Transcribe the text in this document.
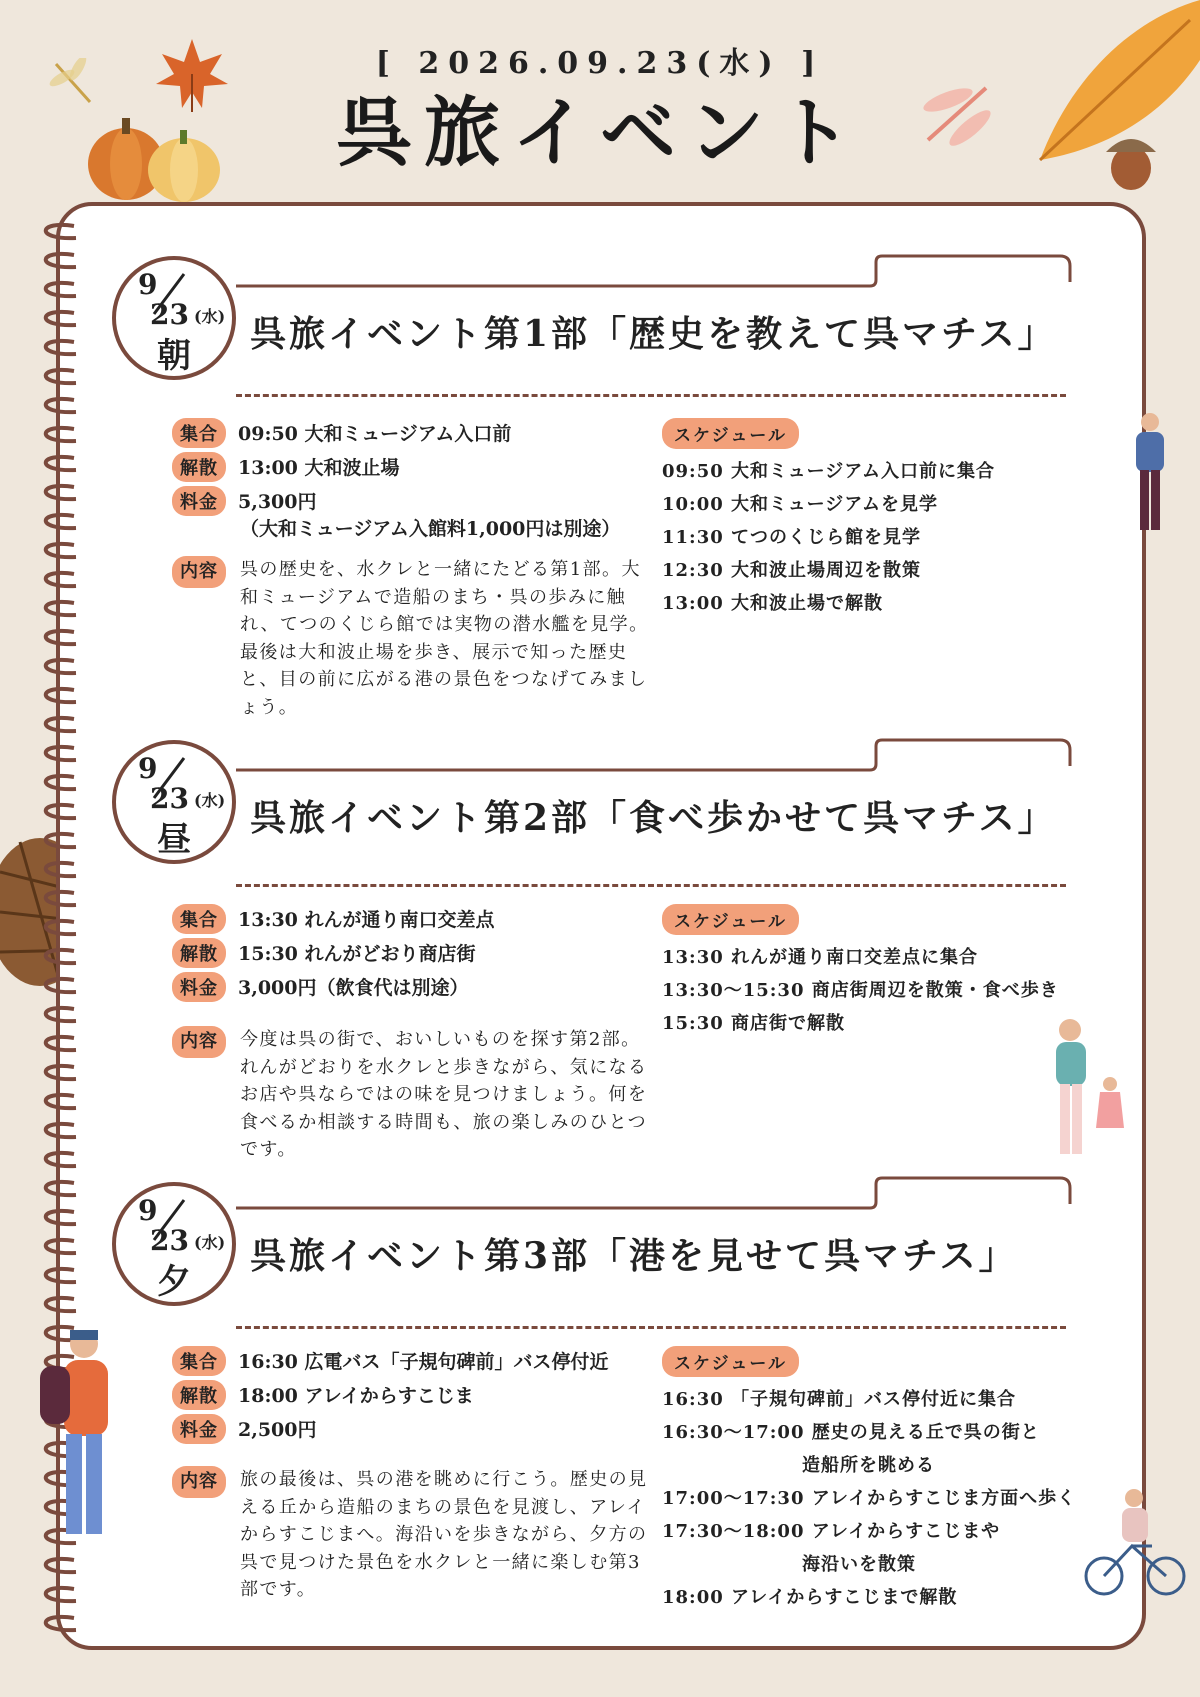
[ 2026.09.23(水) ]
呉旅イベント
9
23 (水)
朝
呉旅イベント第1部「歴史を教えて呉マチス」
集合 09:50 大和ミュージアム入口前
解散 13:00 大和波止場
料金 5,300円
（大和ミュージアム入館料1,000円は別途）
内容	呉の歴史を、水クレと一緒にたどる第1部。大和ミュージアムで造船のまち・呉の歩みに触れ、てつのくじら館では実物の潜水艦を見学。最後は大和波止場を歩き、展示で知った歴史と、目の前に広がる港の景色をつなげてみましょう。
スケジュール
09:50 大和ミュージアム入口前に集合
10:00 大和ミュージアムを見学
11:30 てつのくじら館を見学
12:30 大和波止場周辺を散策
13:00 大和波止場で解散
9
23 (水)
昼
呉旅イベント第2部「食べ歩かせて呉マチス」
集合 13:30 れんが通り南口交差点
解散 15:30 れんがどおり商店街
料金 3,000円（飲食代は別途）
内容	今度は呉の街で、おいしいものを探す第2部。れんがどおりを水クレと歩きながら、気になるお店や呉ならではの味を見つけましょう。何を食べるか相談する時間も、旅の楽しみのひとつです。
スケジュール
13:30 れんが通り南口交差点に集合
13:30～15:30 商店街周辺を散策・食べ歩き
15:30 商店街で解散
9
23 (水)
夕
呉旅イベント第3部「港を見せて呉マチス」
集合 16:30 広電バス「子規句碑前」バス停付近
解散 18:00 アレイからすこじま
料金 2,500円
内容	旅の最後は、呉の港を眺めに行こう。歴史の見える丘から造船のまちの景色を見渡し、アレイからすこじまへ。海沿いを歩きながら、夕方の呉で見つけた景色を水クレと一緒に楽しむ第3部です。
スケジュール
16:30 「子規句碑前」バス停付近に集合
16:30～17:00 歴史の見える丘で呉の街と
造船所を眺める
17:00～17:30 アレイからすこじま方面へ歩く
17:30～18:00 アレイからすこじまや
海沿いを散策
18:00 アレイからすこじまで解散
